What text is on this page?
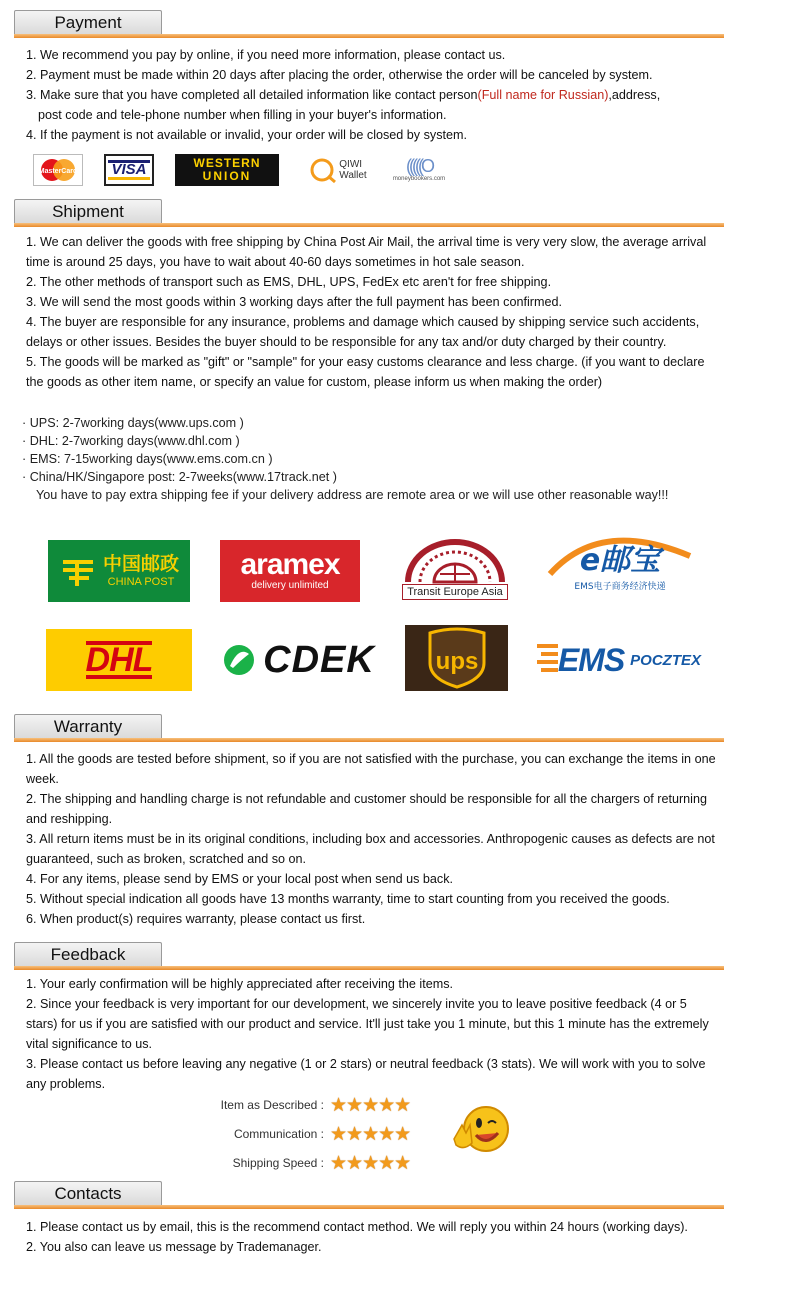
Payment

1. We recommend you pay by online, if you need more information, please contact us.

2. Payment must be made within 20 days after placing the order, otherwise the order will be canceled by system.

3. Make sure that you have completed all detailed information like contact person(Full name for Russian),address,

post code and tele-phone number when filling in your buyer's information.

4. If the payment is not available or invalid, your order will be closed by system.

MasterCard VISA	WESTERN
UNION
QIWI
Wallet (((((O
moneybookers.com
Shipment

1. We can deliver the goods with free shipping by China Post Air Mail, the arrival time is very very slow, the average arrival time is around 25 days, you have to wait about 40-60 days sometimes in hot sale season.

2. The other methods of transport such as EMS, DHL, UPS, FedEx etc aren't for free shipping.

3. We will send the most goods within 3 working days after the full payment has been confirmed.

4. The buyer are responsible for any insurance, problems and damage which caused by shipping service such accidents, delays or other issues. Besides the buyer should to be responsible for any tax and/or duty charged by their country.

5. The goods will be marked as "gift" or "sample" for your easy customs clearance and less charge. (if you want to declare the goods as other item name, or specify an value for custom, please inform us when making the order)

· UPS: 2-7working days(www.ups.com )

· DHL: 2-7working days(www.dhl.com )

· EMS: 7-15working days(www.ems.com.cn )

· China/HK/Singapore post: 2-7weeks(www.17track.net )

You have to pay extra shipping fee if your delivery address are remote area or we will use other reasonable way!!!

中国邮政
CHINA POST
aramex
delivery unlimited
Transit Europe Asia
e邮宝
EMS电子商务经济快递
DHL	CDEK	ups EMS POCZTEX
Warranty

1. All the goods are tested before shipment, so if you are not satisfied with the purchase, you can exchange the items in one week.

2. The shipping and handling charge is not refundable and customer should be responsible for all the chargers of returning and reshipping.

3. All return items must be in its original conditions, including box and accessories. Anthropogenic causes as defects are not guaranteed, such as broken, scratched and so on.

4. For any items, please send by EMS or your local post when send us back.

5. Without special indication all goods have 13 months warranty, time to start counting from you received the goods.

6. When product(s) requires warranty, please contact us first.

Feedback

1. Your early confirmation will be highly appreciated after receiving the items.

2. Since your feedback is very important for our development, we sincerely invite you to leave positive feedback (4 or 5 stars) for us if you are satisfied with our product and service. It'll just take you 1 minute, but this 1 minute has the extremely vital significance to us.

3. Please contact us before leaving any negative (1 or 2 stars) or neutral feedback (3 stats). We will work with you to solve any problems.

Item as Described : ★★★★★
Communication : ★★★★★
Shipping Speed : ★★★★★
Contacts

1. Please contact us by email, this is the recommend contact method. We will reply you within 24 hours (working days).

2. You also can leave us message by Trademanager.
